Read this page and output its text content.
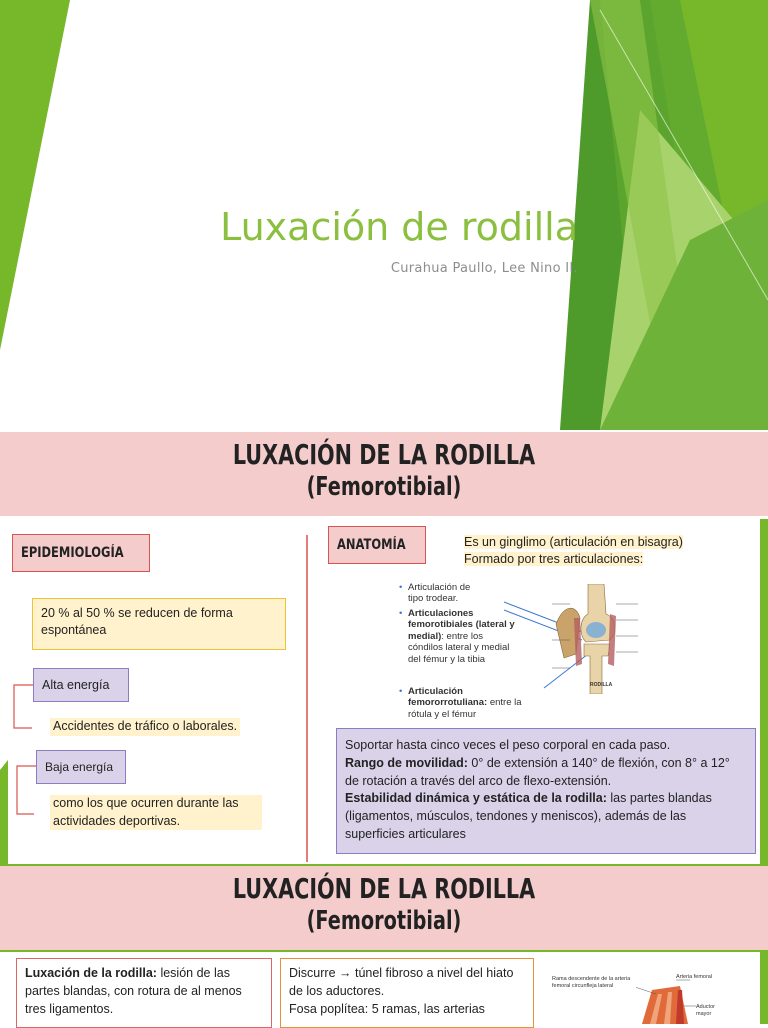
Luxación de rodilla
Curahua Paullo, Lee Nino II.
LUXACIÓN DE LA RODILLA
(Femorotibial)
EPIDEMIOLOGÍA
20 % al 50 % se reducen de forma espontánea
Alta energía
Accidentes de tráfico o laborales.
Baja energía
como los que ocurren durante las actividades deportivas.
ANATOMÍA	Es un ginglimo (articulación en bisagra)
Formado por tres articulaciones:
• Articulación de tipo trodear.
• Articulaciones femorotibiales (lateral y medial): entre los cóndilos lateral y medial del fémur y la tibia
• Articulación femororrotuliana: entre la rótula y el fémur
RODILLA
Soportar hasta cinco veces el peso corporal en cada paso.
Rango de movilidad: 0° de extensión a 140° de flexión, con 8° a 12° de rotación a través del arco de flexo-extensión.
Estabilidad dinámica y estática de la rodilla: las partes blandas (ligamentos, músculos, tendones y meniscos), además de las superficies articulares
LUXACIÓN DE LA RODILLA
(Femorotibial)
Luxación de la rodilla: lesión de las partes blandas, con rotura de al menos tres ligamentos.
Discurre → túnel fibroso a nivel del hiato de los aductores.
Fosa poplítea: 5 ramas, las arterias
Rama descendente de la arteria femoral circunfleja lateral
Arteria femoral
Aductor mayor
